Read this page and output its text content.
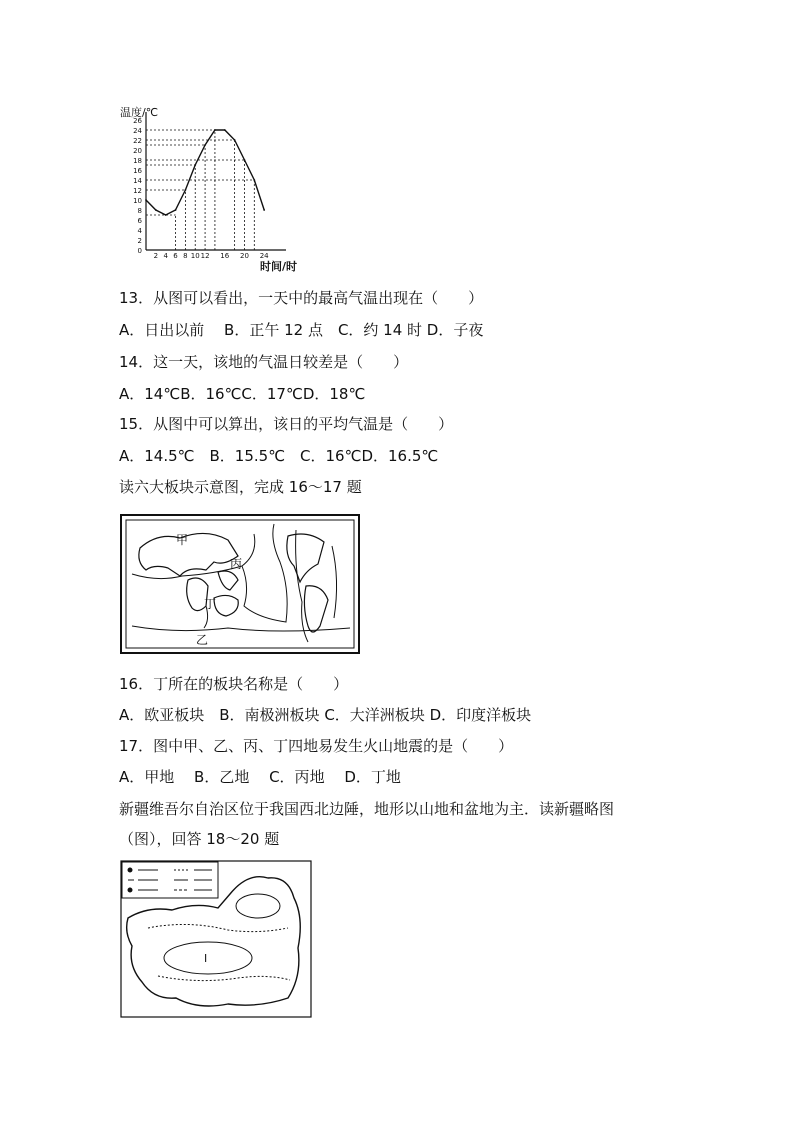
温度/℃
时间/时
0
2
4
6
8
10
12
14
16
18
20
22
24
26
2 4 6 8 10 12 16 20 24
13．从图可以看出，一天中的最高气温出现在（　　）
A．日出以前　 B．正午 12 点　C．约 14 时 D．子夜
14．这一天，该地的气温日较差是（　　）
A．14℃B．16℃C．17℃D．18℃
15．从图中可以算出，该日的平均气温是（　　）
A．14.5℃　B．15.5℃　C．16℃D．16.5℃
读六大板块示意图，完成 16～17 题
甲
丙
丁
乙
16．丁所在的板块名称是（　　）
A．欧亚板块　B．南极洲板块 C．大洋洲板块 D．印度洋板块
17．图中甲、乙、丙、丁四地易发生火山地震的是（　　）
A．甲地　 B．乙地　 C．丙地　 D．丁地
新疆维吾尔自治区位于我国西北边陲，地形以山地和盆地为主．读新疆略图
（图），回答 18～20 题
I
